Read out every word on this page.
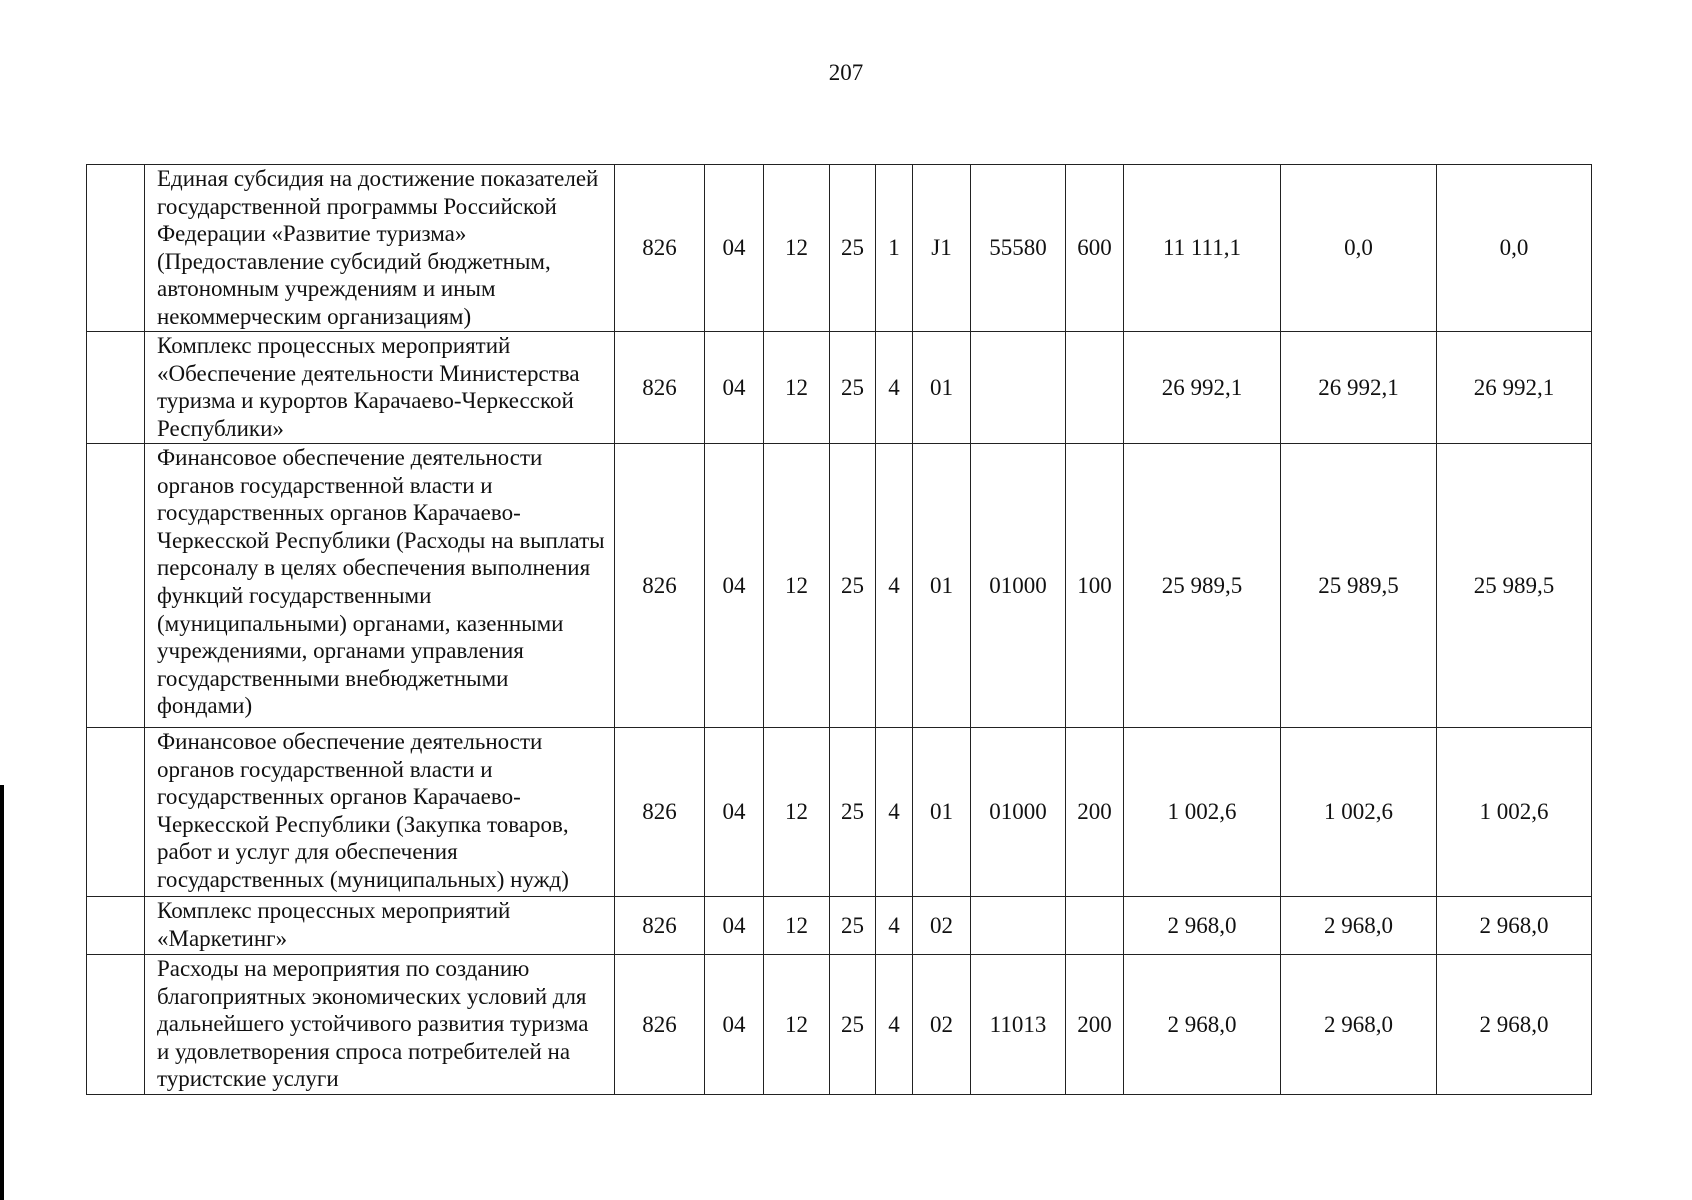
207
	Единая субсидия на достижение показателей государственной программы Российской Федерации «Развитие туризма» (Предоставление субсидий бюджетным, автономным учреждениям и иным некоммерческим организациям)	826	04	12	25	1	J1	55580	600	11 111,1	0,0	0,0
	Комплекс процессных мероприятий «Обеспечение деятельности Министерства туризма и курортов Карачаево-Черкесской Республики»	826	04	12	25	4	01			26 992,1	26 992,1	26 992,1
	Финансовое обеспечение деятельности органов государственной власти и государственных органов Карачаево-Черкесской Республики (Расходы на выплаты персоналу в целях обеспечения выполнения функций государственными (муниципальными) органами, казенными учреждениями, органами управления государственными внебюджетными фондами)	826	04	12	25	4	01	01000	100	25 989,5	25 989,5	25 989,5
	Финансовое обеспечение деятельности органов государственной власти и государственных органов Карачаево-Черкесской Республики (Закупка товаров, работ и услуг для обеспечения государственных (муниципальных) нужд)	826	04	12	25	4	01	01000	200	1 002,6	1 002,6	1 002,6
	Комплекс процессных мероприятий «Маркетинг»	826	04	12	25	4	02			2 968,0	2 968,0	2 968,0
	Расходы на мероприятия по созданию благоприятных экономических условий для дальнейшего устойчивого развития туризма и удовлетворения спроса потребителей на туристские услуги	826	04	12	25	4	02	11013	200	2 968,0	2 968,0	2 968,0
